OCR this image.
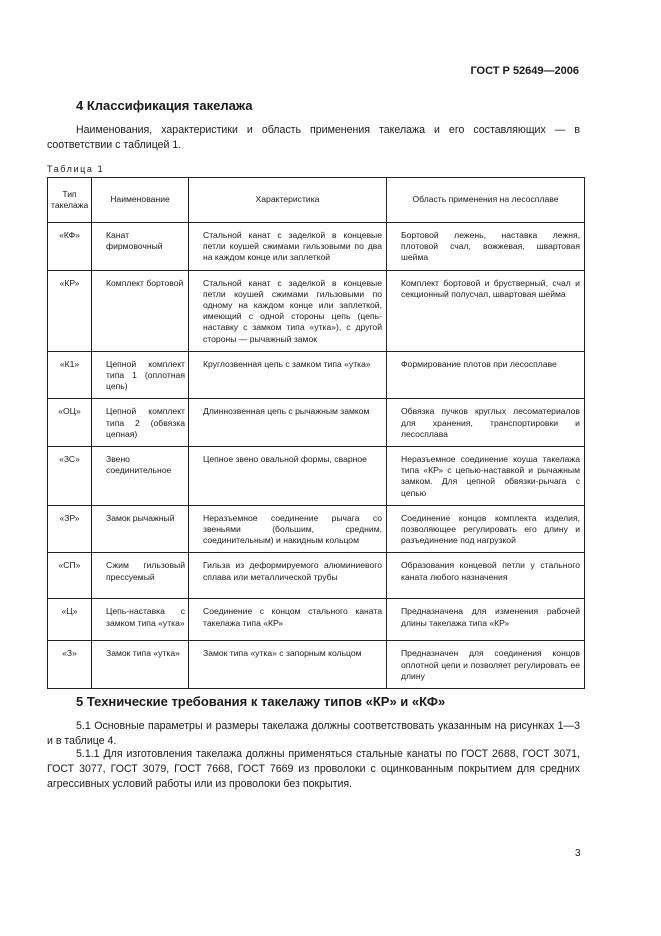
ГОСТ Р 52649—2006
4 Классификация такелажа
Наименования, характеристики и область применения такелажа и его составляющих — в соответствии с таблицей 1.
Таблица 1
Тип такелажа	Наименование	Характеристика	Область применения на лесосплаве
«КФ»	Канат фирмовочный	Стальной канат с заделкой в концевые петли коушей сжимами гильзовыми по два на каждом конце или заплеткой	Бортовой лежень, наставка лежня, плотовой счал, вожжевая, швартовая шейма
«КР»	Комплект бортовой	Стальной канат с заделкой в концевые петли коушей сжимами гильзовыми по одному на каждом конце или заплеткой, имеющий с одной стороны цепь (цепь-наставку с замком типа «утка»), с другой стороны — рычажный замок	Комплект бортовой и брустверный, счал и секционный полусчал, швартовая шейма
«К1»	Цепной комплект типа 1 (оплотная цепь)	Круглозвенная цепь с замком типа «утка»	Формирование плотов при лесосплаве
«ОЦ»	Цепной комплект типа 2 (обвязка цепная)	Длиннозвенная цепь с рычажным замком	Обвязка пучков круглых лесоматериалов для хранения, транспортировки и лесосплава
«ЗС»	Звено соединительное	Цепное звено овальной формы, сварное	Неразъемное соединение коуша такелажа типа «КР» с цепью-наставкой и рычажным замком. Для цепной обвязки-рычага с цепью
«ЗР»	Замок рычажный	Неразъемное соединение рычага со звеньями (большим, средним, соединительным) и накидным кольцом	Соединение концов комплекта изделия, позволяющее регулировать его длину и разъединение под нагрузкой
«СП»	Сжим гильзовый прессуемый	Гильза из деформируемого алюминиевого сплава или металлической трубы	Образования концевой петли у стального каната любого назначения
«Ц»	Цепь-наставка с замком типа «утка»	Соединение с концом стального каната такелажа типа «КР»	Предназначена для изменения рабочей длины такелажа типа «КР»
«З»	Замок типа «утка»	Замок типа «утка» с запорным кольцом	Предназначен для соединения концов оплотной цепи и позволяет регулировать ее длину
5 Технические требования к такелажу типов «КР» и «КФ»
5.1 Основные параметры и размеры такелажа должны соответствовать указанным на рисунках 1—3 и в таблице 4.
5.1.1 Для изготовления такелажа должны применяться стальные канаты по ГОСТ 2688, ГОСТ 3071, ГОСТ 3077, ГОСТ 3079, ГОСТ 7668, ГОСТ 7669 из проволоки с оцинкованным покрытием для средних агрессивных условий работы или из проволоки без покрытия.
3
